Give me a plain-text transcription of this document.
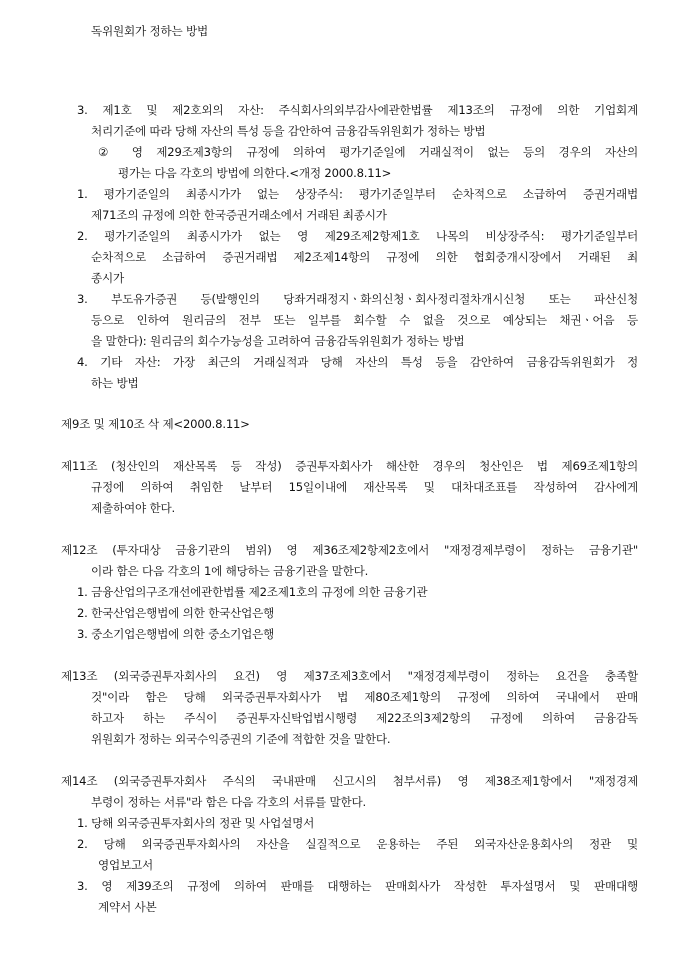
독위원회가 정하는 방법
3. 제1호 및 제2호외의 자산: 주식회사의외부감사에관한법률 제13조의 규정에 의한 기업회계
처리기준에 따라 당해 자산의 특성 등을 감안하여 금융감독위원회가 정하는 방법
② 영 제29조제3항의 규정에 의하여 평가기준일에 거래실적이 없는 등의 경우의 자산의
평가는 다음 각호의 방법에 의한다.<개정 2000.8.11>
1. 평가기준일의 최종시가가 없는 상장주식: 평가기준일부터 순차적으로 소급하여 증권거래법
제71조의 규정에 의한 한국증권거래소에서 거래된 최종시가
2. 평가기준일의 최종시가가 없는 영 제29조제2항제1호 나목의 비상장주식: 평가기준일부터
순차적으로 소급하여 증권거래법 제2조제14항의 규정에 의한 협회중개시장에서 거래된 최
종시가
3. 부도유가증권 등(발행인의 당좌거래정지ㆍ화의신청ㆍ회사정리절차개시신청 또는 파산신청
등으로 인하여 원리금의 전부 또는 일부를 회수할 수 없을 것으로 예상되는 채권ㆍ어음 등
을 말한다): 원리금의 회수가능성을 고려하여 금융감독위원회가 정하는 방법
4. 기타 자산: 가장 최근의 거래실적과 당해 자산의 특성 등을 감안하여 금융감독위원회가 정
하는 방법
제9조 및 제10조 삭 제<2000.8.11>
제11조 (청산인의 재산목록 등 작성) 증권투자회사가 해산한 경우의 청산인은 법 제69조제1항의
규정에 의하여 취임한 날부터 15일이내에 재산목록 및 대차대조표를 작성하여 감사에게
제출하여야 한다.
제12조 (투자대상 금융기관의 범위) 영 제36조제2항제2호에서 "재정경제부령이 정하는 금융기관"
이라 함은 다음 각호의 1에 해당하는 금융기관을 말한다.
1. 금융산업의구조개선에관한법률 제2조제1호의 규정에 의한 금융기관
2. 한국산업은행법에 의한 한국산업은행
3. 중소기업은행법에 의한 중소기업은행
제13조 (외국증권투자회사의 요건) 영 제37조제3호에서 "재정경제부령이 정하는 요건을 충족할
것"이라 함은 당해 외국증권투자회사가 법 제80조제1항의 규정에 의하여 국내에서 판매
하고자 하는 주식이 증권투자신탁업법시행령 제22조의3제2항의 규정에 의하여 금융감독
위원회가 정하는 외국수익증권의 기준에 적합한 것을 말한다.
제14조 (외국증권투자회사 주식의 국내판매 신고시의 첨부서류) 영 제38조제1항에서 "재정경제
부령이 정하는 서류"라 함은 다음 각호의 서류를 말한다.
1. 당해 외국증권투자회사의 정관 및 사업설명서
2. 당해 외국증권투자회사의 자산을 실질적으로 운용하는 주된 외국자산운용회사의 정관 및
영업보고서
3. 영 제39조의 규정에 의하여 판매를 대행하는 판매회사가 작성한 투자설명서 및 판매대행
계약서 사본
